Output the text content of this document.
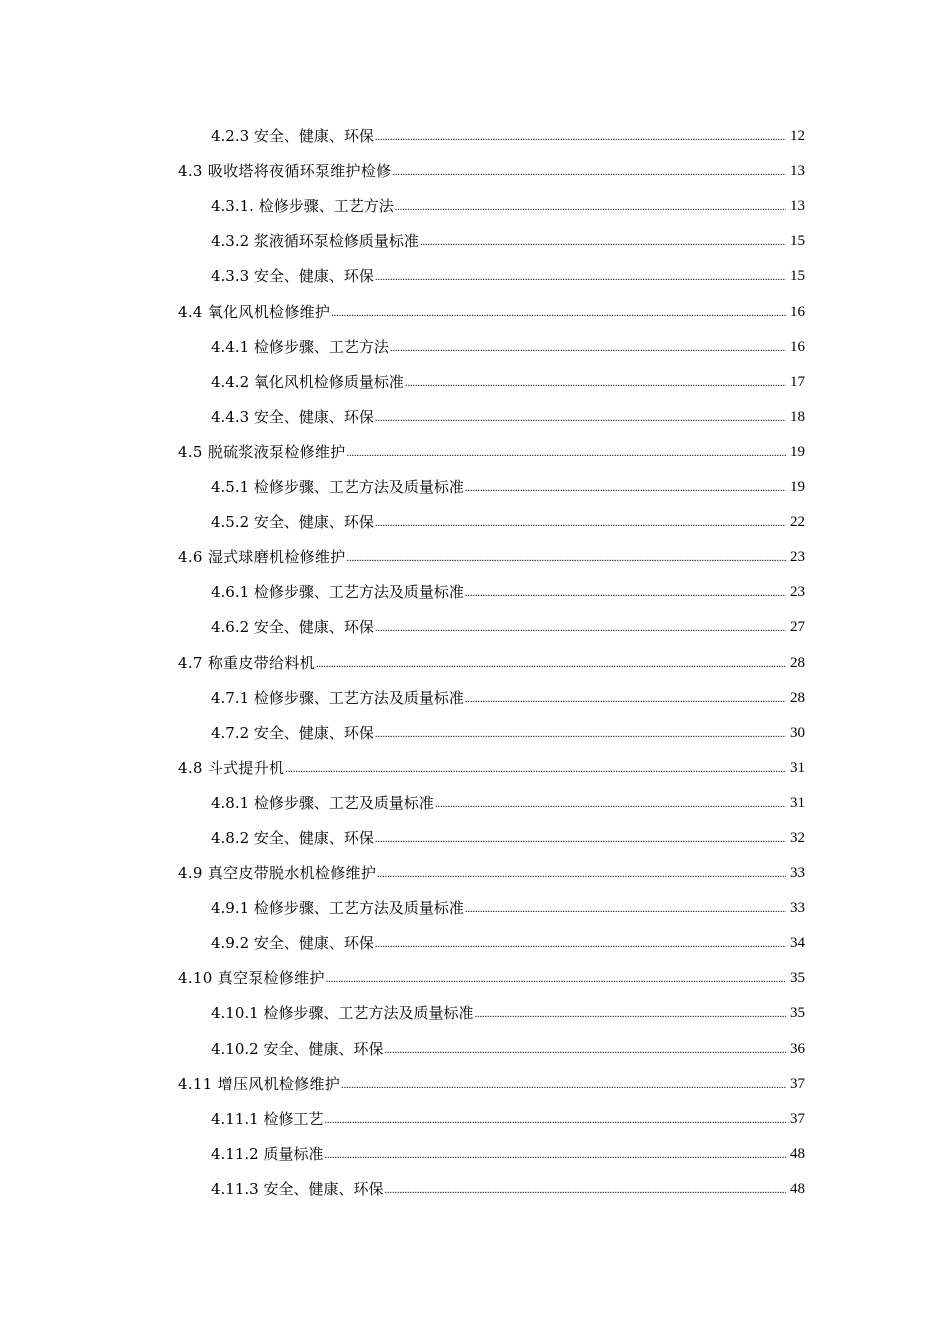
4.2.3 安全、健康、环保 .....	12
4.3 吸收塔将夜循环泵维护检修 .....	13
4.3.1. 检修步骤、工艺方法 .....	13
4.3.2 浆液循环泵检修质量标准 .....	15
4.3.3 安全、健康、环保 .....	15
4.4 氧化风机检修维护 .....	16
4.4.1 检修步骤、工艺方法 .....	16
4.4.2 氧化风机检修质量标准 .....	17
4.4.3 安全、健康、环保 .....	18
4.5 脱硫浆液泵检修维护 .....	19
4.5.1 检修步骤、工艺方法及质量标准 .....	19
4.5.2 安全、健康、环保 .....	22
4.6 湿式球磨机检修维护 .....	23
4.6.1 检修步骤、工艺方法及质量标准 .....	23
4.6.2 安全、健康、环保 .....	27
4.7 称重皮带给料机 .....	28
4.7.1 检修步骤、工艺方法及质量标准 .....	28
4.7.2 安全、健康、环保 .....	30
4.8 斗式提升机 .....	31
4.8.1 检修步骤、工艺及质量标准 .....	31
4.8.2 安全、健康、环保 .....	32
4.9 真空皮带脱水机检修维护 .....	33
4.9.1 检修步骤、工艺方法及质量标准 .....	33
4.9.2 安全、健康、环保 .....	34
4.10 真空泵检修维护 .....	35
4.10.1 检修步骤、工艺方法及质量标准 .....	35
4.10.2 安全、健康、环保 .....	36
4.11 增压风机检修维护 .....	37
4.11.1 检修工艺 .....	37
4.11.2 质量标准 .....	48
4.11.3 安全、健康、环保 .....	48
